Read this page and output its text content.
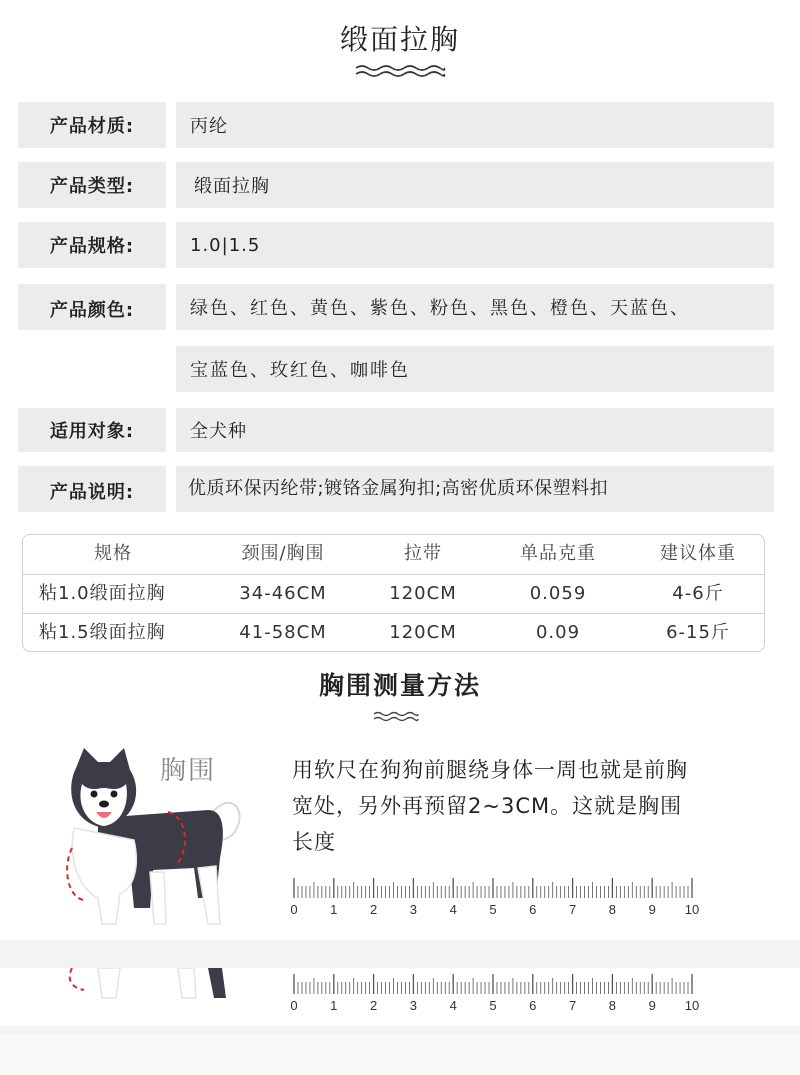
缎面拉胸
产品材质:	丙纶
产品类型:	缎面拉胸
产品规格:	1.0|1.5
产品颜色:	绿色、红色、黄色、紫色、粉色、黑色、橙色、天蓝色、
宝蓝色、玫红色、咖啡色
适用对象:	全犬种
产品说明:	优质环保丙纶带;镀铬金属狗扣;高密优质环保塑料扣
规格	颈围/胸围	拉带	单品克重	建议体重
粘1.0缎面拉胸	34-46CM	120CM	0.059	4-6斤
粘1.5缎面拉胸	41-58CM	120CM	0.09	6-15斤
胸围测量方法
胸围	用软尺在狗狗前腿绕身体一周也就是前胸
宽处，另外再预留2~3CM。这就是胸围
长度
0	1	2	3	4	5	6	7	8	9 10
0	1	2	3	4	5	6	7	8	9 10
